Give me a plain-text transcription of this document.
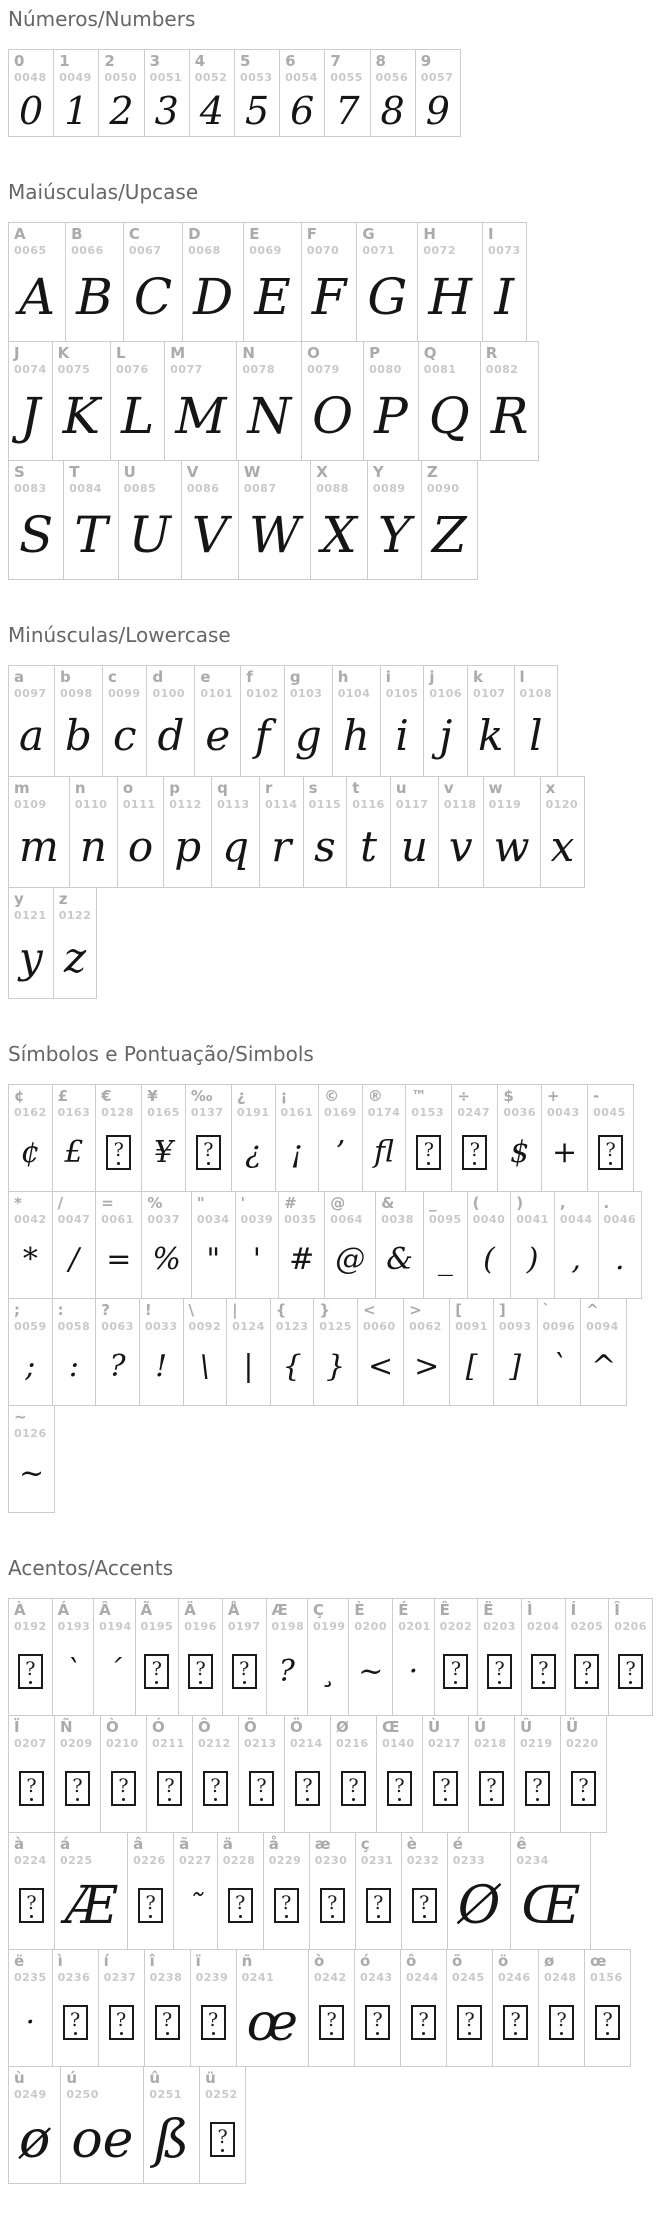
Números/Numbers
0
0048
0
1
0049
1
2
0050
2
3
0051
3
4
0052
4
5
0053
5
6
0054
6
7
0055
7
8
0056
8
9
0057
9
Maiúsculas/Upcase
A
0065
A
B
0066
B
C
0067
C
D
0068
D
E
0069
E
F
0070
F
G
0071
G
H
0072
H
I
0073
I
J
0074
J
K
0075
K
L
0076
L
M
0077
M
N
0078
N
O
0079
O
P
0080
P
Q
0081
Q
R
0082
R
S
0083
S
T
0084
T
U
0085
U
V
0086
V
W
0087
W
X
0088
X
Y
0089
Y
Z
0090
Z
Minúsculas/Lowercase
a
0097
a
b
0098
b
c
0099
c
d
0100
d
e
0101
e
f
0102
f
g
0103
g
h
0104
h
i
0105
i
j
0106
j
k
0107
k
l
0108
l
m
0109
m
n
0110
n
o
0111
o
p
0112
p
q
0113
q
r
0114
r
s
0115
s
t
0116
t
u
0117
u
v
0118
v
w
0119
w
x
0120
x
y
0121
y
z
0122
z
Símbolos e Pontuação/Simbols
¢
0162
¢
£
0163
£
€
0128
?
¥
0165
¥
‰
0137
?
¿
0191
¿
¡
0161
¡
©
0169
’
®
0174
fl
™
0153
?
÷
0247
?
$
0036
$
+
0043
+
-
0045
?
*
0042
*
/
0047
/
=
0061
=
%
0037
%
"
0034
"
'
0039
'
#
0035
#
@
0064
@
&
0038
&
_
0095
_
(
0040
(
)
0041
)
,
0044
,
.
0046
.
;
0059
;
:
0058
:
?
0063
?
!
0033
!
\
0092
\
|
0124
|
{
0123
{
}
0125
}
<
0060
<
>
0062
>
[
0091
[
]
0093
]
`
0096
`
^
0094
^
~
0126
~
Acentos/Accents
À
0192
?
Á
0193
`
Â
0194
´
Ã
0195
?
Ä
0196
?
Å
0197
?
Æ
0198
?
Ç
0199
¸
È
0200
~
É
0201
·
Ê
0202
?
Ë
0203
?
Ì
0204
?
Í
0205
?
Î
0206
?
Ï
0207
?
Ñ
0209
?
Ò
0210
?
Ó
0211
?
Ô
0212
?
Õ
0213
?
Ö
0214
?
Ø
0216
?
Œ
0140
?
Ù
0217
?
Ú
0218
?
Û
0219
?
Ü
0220
?
à
0224
?
á
0225
Æ
â
0226
?
ã
0227
˜
ä
0228
?
å
0229
?
æ
0230
?
ç
0231
?
è
0232
?
é
0233
Ø
ê
0234
Œ
ë
0235
·
ì
0236
?
í
0237
?
î
0238
?
ï
0239
?
ñ
0241
œ
ò
0242
?
ó
0243
?
ô
0244
?
õ
0245
?
ö
0246
?
ø
0248
?
œ
0156
?
ù
0249
ø
ú
0250
oe
û
0251
ß
ü
0252
?
